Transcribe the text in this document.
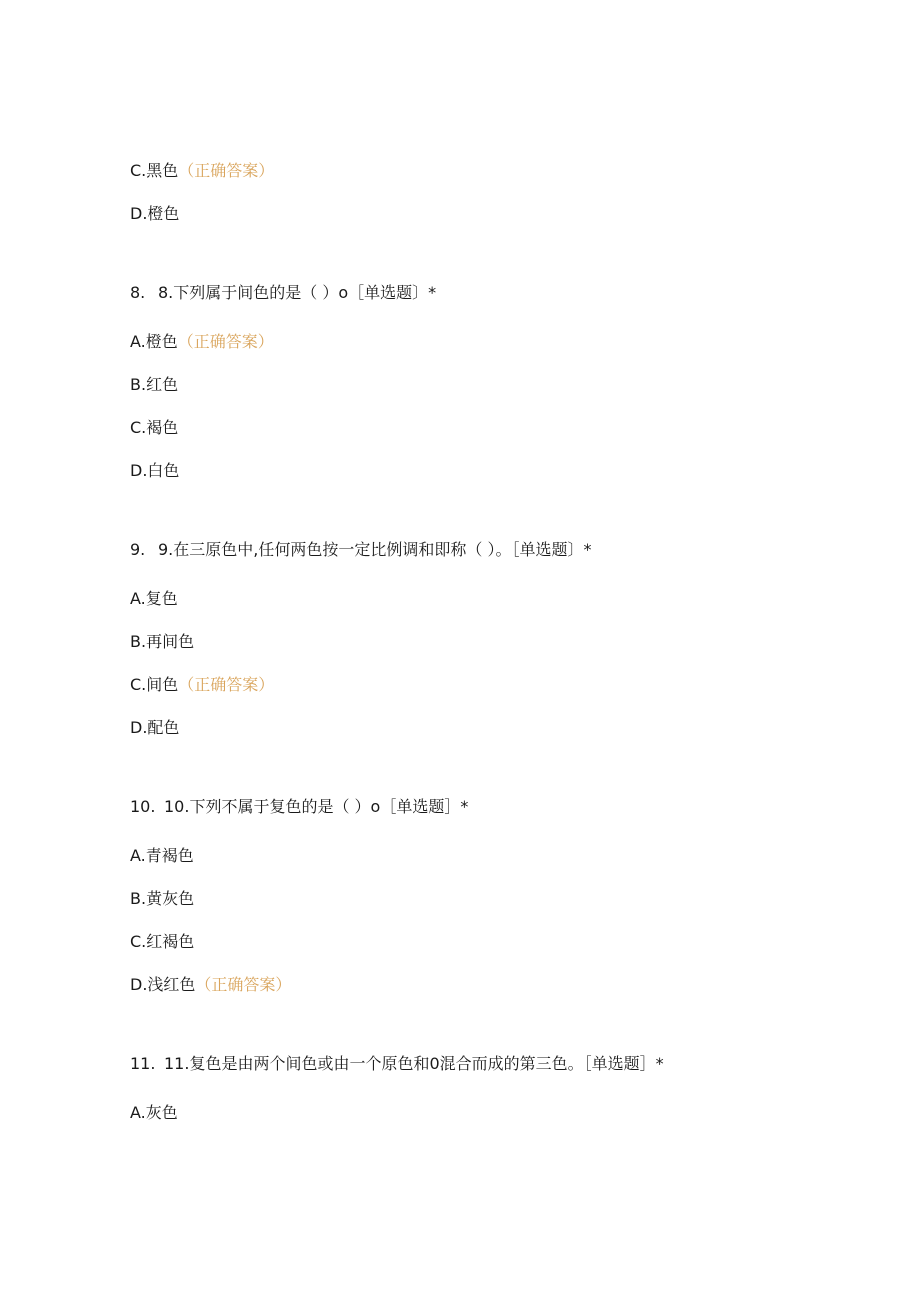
C.黑色（正确答案）
D.橙色
8. 8.下列属于间色的是（ ）o［单选题〕*
A.橙色（正确答案）
B.红色
C.褐色
D.白色
9. 9.在三原色中,任何两色按一定比例调和即称（ ）。［单选题〕*
A.复色
B.再间色
C.间色（正确答案）
D.配色
10. 10.下列不属于复色的是（ ）o［单选题］*
A.青褐色
B.黄灰色
C.红褐色
D.浅红色（正确答案）
11. 11.复色是由两个间色或由一个原色和0混合而成的第三色。［单选题］*
A.灰色
